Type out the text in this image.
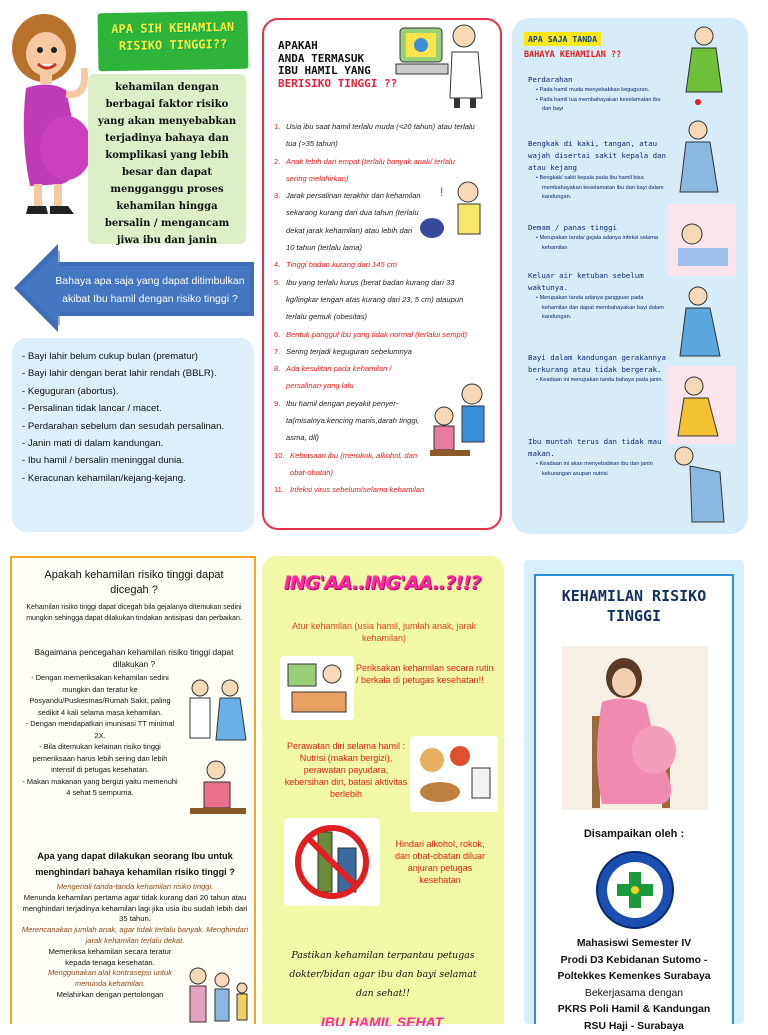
APA SIH KEHAMILAN RISIKO TINGGI??
kehamilan dengan berbagai faktor risiko yang akan menyebabkan terjadinya bahaya dan komplikasi yang lebih besar dan dapat mengganggu proses kehamilan hingga bersalin / mengancam jiwa ibu dan janin
Bahaya apa saja yang dapat ditimbulkan akibat Ibu hamil dengan risiko tinggi ?
- Bayi lahir belum cukup bulan (prematur)
- Bayi lahir dengan berat lahir rendah (BBLR).
- Keguguran (abortus).
- Persalinan tidak lancar / macet.
- Perdarahan sebelum dan sesudah persalinan.
- Janin mati di dalam kandungan.
- Ibu hamil / bersalin meninggal dunia.
- Keracunan kehamilan/kejang-kejang.
APAKAH
ANDA TERMASUK
IBU HAMIL YANG
BERISIKO TINGGI ??
1. Usia ibu saat hamil terlalu muda (<20 tahun) atau terlalu tua (>35 tahun)
2. Anak lebih dari empat (terlalu banyak anak/ terlalu sering melahirkan)
3. Jarak persalinan terakhir dan kehamilan sekarang kurang dari dua tahun (terlalu dekat jarak kehamilan) atau lebih dari 10 tahun (terlalu lama)
4. Tinggi badan kurang dari 145 cm
5. Ibu yang terlalu kurus (berat badan kurang dari 33 kg/lingkar lengan atas kurang dari 23, 5 cm) ataupun terlalu gemuk (obesitas)
6. Bentuk panggul ibu yang tidak normal (terlalui sempit)
7. Sering terjadi keguguran sebelumnya
8. Ada kesulitan pada kehamilan / persalinan yang lalu
9. Ibu hamil dengan peyakit penyer-ta(misalnya:kencing manis,darah tinggi, asma, dll)
10. Kebiasaan ibu (merokok, alkohol, dan obat-obatan)
11. Infeksi virus sebelum/selama kehamilan
!
APA SAJA TANDA
BAHAYA KEHAMILAN ??
Perdarahan
• Pada hamil muda menyebabkan keguguran.
• Pada hamil tua membahayakan keselamatan ibu dan bayi
Bengkak di kaki, tangan, atau wajah disertai sakit kepala dan atau kejang
• Bengkak/ sakit kepala pada ibu hamil bisa membahayakan keselamatan ibu dan bayi dalam kandungan.
Demam / panas tinggi
• Merupakan tanda/ gejala adanya infeksi selama kehamilan
Keluar air ketuban sebelum waktunya.
• Merupakan tanda adanya gangguan pada kehamilan dan dapat membahayakan bayi dalam kandungan.
Bayi dalam kandungan gerakannya berkurang atau tidak bergerak.
• Keadaan ini merupakan tanda bahaya pada janin.
Ibu muntah terus dan tidak mau makan.
• Keadaan ini akan menyebabkan ibu dan janin kekurangan asupan nutrisi
Apakah kehamilan risiko tinggi dapat dicegah ?
Kehamilan risiko tinggi dapat dicegah bila gejalanya ditemukan sedini mungkin sehingga dapat dilakukan tindakan antisipasi dan perbaikan.
Bagaimana pencegahan kehamilan risiko tinggi dapat dilakukan ?
- Dengan memeriksakan kehamilan sedini mungkin dan teratur ke Posyandu/Puskesmas/Rumah Sakit, paling sedikit 4 kali selama masa kehamilan.
- Dengan mendapatkan imunisasi TT minimal 2X.
- Bila ditemukan kelainan risiko tinggi pemeriksaan harus lebih sering dan lebih intensif di petugas kesehatan.
- Makan makanan yang bergizi yaitu memenuhi 4 sehat 5 sempurna.
Apa yang dapat dilakukan seorang Ibu untuk menghindari bahaya kehamilan risiko tinggi ?
Mengenali tanda-tanda kehamilan risiko tinggi.
Menunda kehamilan pertama agar tidak kurang dari 20 tahun atau menghindari terjadinya kehamilan lagi jika usia ibu sudah lebih dari 35 tahun.
Merencanakan jumlah anak, agar tidak terlalu banyak. Menghindari jarak kehamilan terlalu dekat.
Memeriksa kehamilan secara teratur kepada tenaga kesehatan.
Menggunakan alat kontrasepsi untuk menunda kehamilan.
Melahirkan dengan pertolongan
ING'AA..ING'AA..?!!?
Atur kehamilan (usia hamil, jumlah anak, jarak kehamilan)
Periksakan kehamilan secara rutin / berkala di petugas kesehatan!!
Perawatan diri selama hamil : Nutrisi (makan bergizi), perawatan payudara, kebersihan diri, batasi aktivitas berlebih
Hindari alkohol, rokok, dan obat-obatan diluar anjuran petugas kesehatan
Pastikan kehamilan terpantau petugas dokter/bidan agar ibu dan bayi selamat dan sehat!!
IBU HAMIL SEHAT
KEHAMILAN RISIKO
TINGGI
Disampaikan oleh :
Mahasiswi Semester IV
Prodi D3 Kebidanan Sutomo -
Poltekkes Kemenkes Surabaya
Bekerjasama dengan
PKRS Poli Hamil & Kandungan
RSU Haji - Surabaya
